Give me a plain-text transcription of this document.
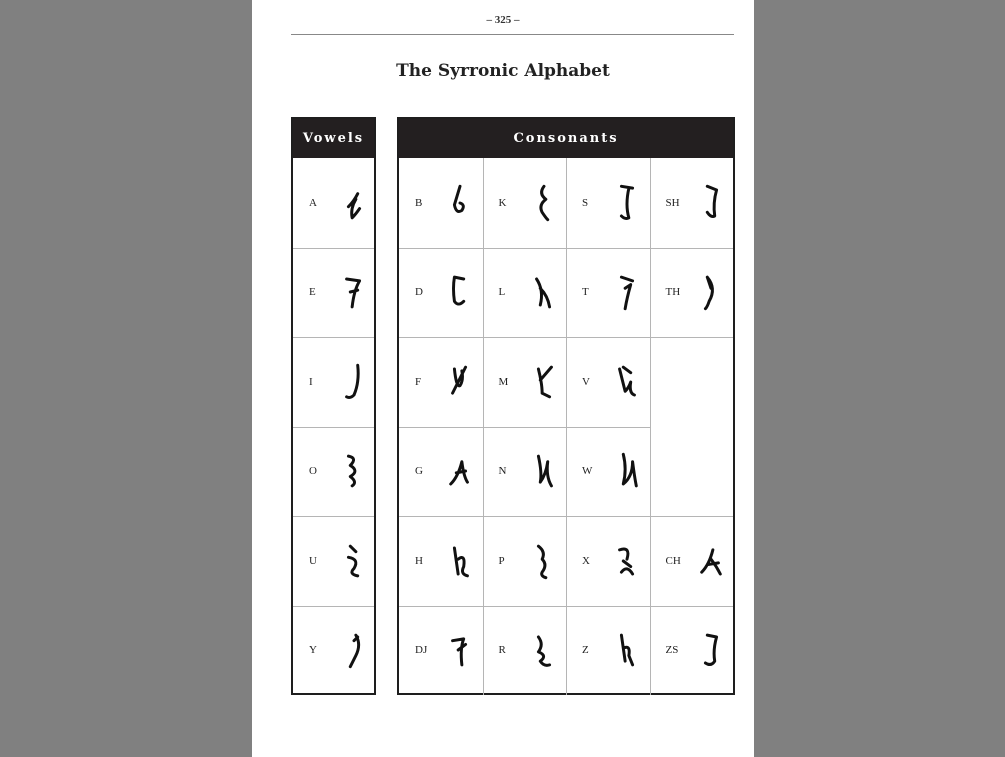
– 325 –
The Syrronic Alphabet
Vowels
A
E
I
O
U
Y
Consonants
B	K	S	SH
D	L	T	TH
F	M	V
G	N	W
H	P	X	CH
DJ	R	Z	ZS
